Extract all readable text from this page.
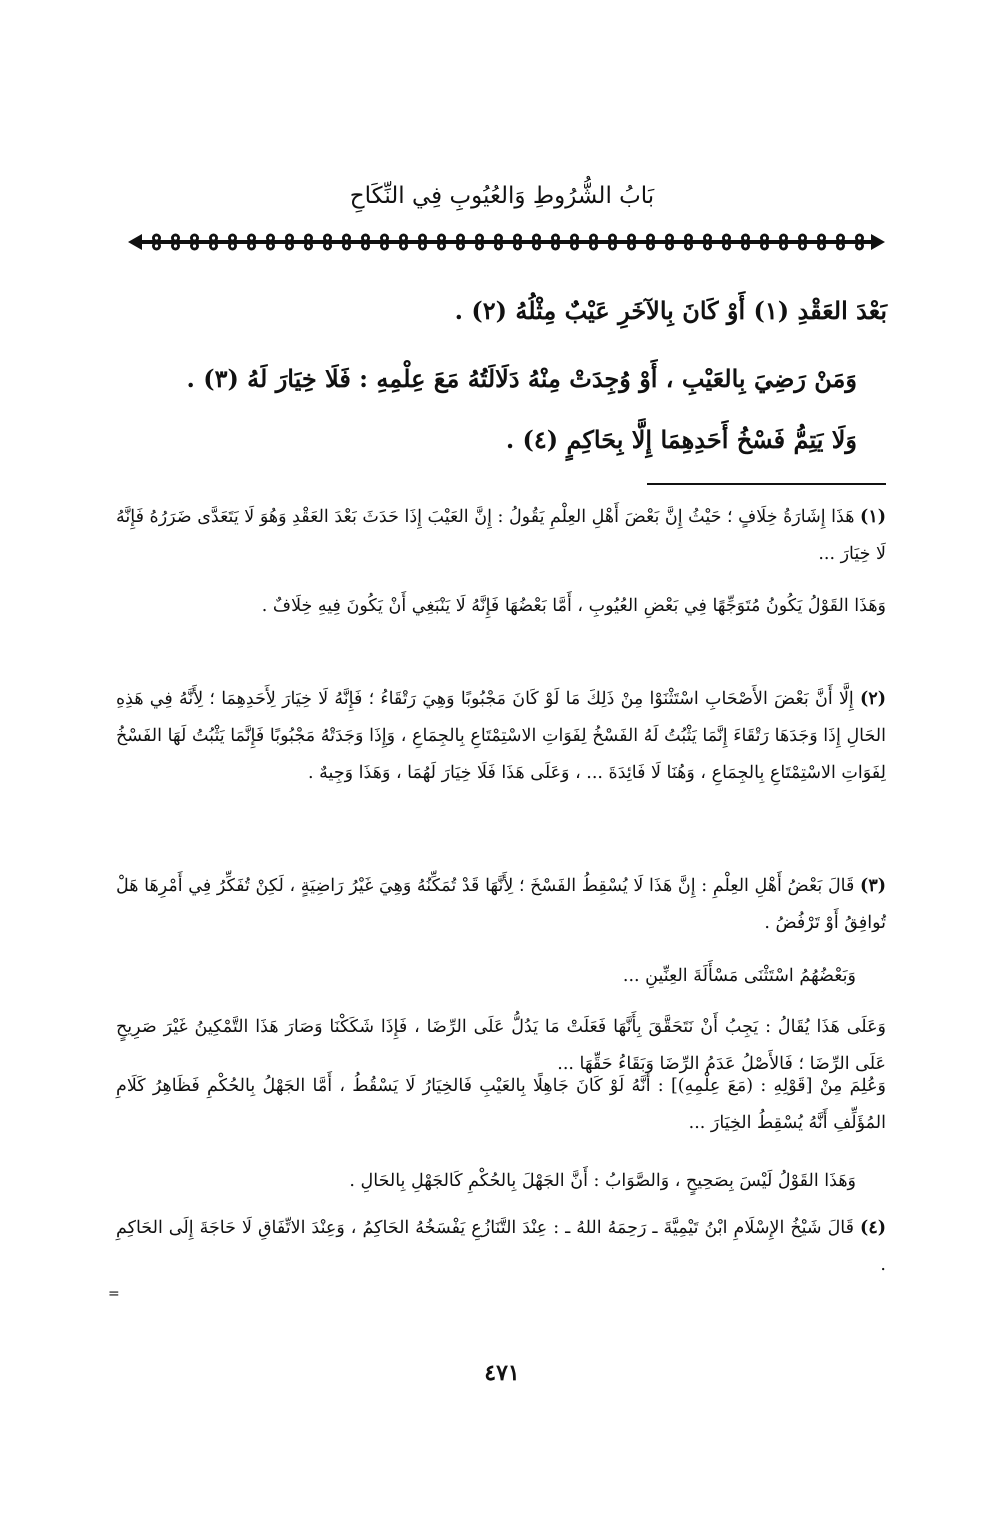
بَابُ الشُّرُوطِ وَالعُيُوبِ فِي النِّكَاحِ
بَعْدَ العَقْدِ (١) أَوْ كَانَ بِالآخَرِ عَيْبٌ مِثْلُهُ (٢) .
وَمَنْ رَضِيَ بِالعَيْبِ ، أَوْ وُجِدَتْ مِنْهُ دَلَالَتُهُ مَعَ عِلْمِهِ : فَلَا خِيَارَ لَهُ (٣) .
وَلَا يَتِمُّ فَسْخُ أَحَدِهِمَا إِلَّا بِحَاكِمٍ (٤) .
(١) هَذَا إِشَارَةُ خِلَافٍ ؛ حَيْثُ إِنَّ بَعْضَ أَهْلِ العِلْمِ يَقُولُ : إِنَّ العَيْبَ إِذَا حَدَثَ بَعْدَ العَقْدِ وَهُوَ لَا يَتَعَدَّى ضَرَرُهُ فَإِنَّهُ لَا خِيَارَ ...
وَهَذَا القَوْلُ يَكُونُ مُتَوَجِّهًا فِي بَعْضِ العُيُوبِ ، أَمَّا بَعْضُهَا فَإِنَّهُ لَا يَنْبَغِي أَنْ يَكُونَ فِيهِ خِلَافٌ .
(٢) إِلَّا أَنَّ بَعْضَ الأَصْحَابِ اسْتَثْنَوْا مِنْ ذَلِكَ مَا لَوْ كَانَ مَجْبُوبًا وَهِيَ رَتْقَاءُ ؛ فَإِنَّهُ لَا خِيَارَ لِأَحَدِهِمَا ؛ لِأَنَّهُ فِي هَذِهِ الحَالِ إِذَا وَجَدَهَا رَتْقَاءَ إِنَّمَا يَثْبُتُ لَهُ الفَسْخُ لِفَوَاتِ الاسْتِمْتَاعِ بِالجِمَاعِ ، وَإِذَا وَجَدَتْهُ مَجْبُوبًا فَإِنَّمَا يَثْبُتُ لَهَا الفَسْخُ لِفَوَاتِ الاسْتِمْتَاعِ بِالجِمَاعِ ، وَهُنَا لَا فَائِدَةَ ... ، وَعَلَى هَذَا فَلَا خِيَارَ لَهُمَا ، وَهَذَا وَجِيهٌ .
(٣) قَالَ بَعْضُ أَهْلِ العِلْمِ : إِنَّ هَذَا لَا يُسْقِطُ الفَسْخَ ؛ لِأَنَّهَا قَدْ تُمَكِّنُهُ وَهِيَ غَيْرُ رَاضِيَةٍ ، لَكِنْ تُفَكِّرُ فِي أَمْرِهَا هَلْ تُوافِقُ أَوْ تَرْفُضُ .
وَبَعْضُهُمُ اسْتَثْنَى مَسْأَلَةَ العِنِّينِ ...
وَعَلَى هَذَا يُقَالُ : يَجِبُ أَنْ نَتَحَقَّقَ بِأَنَّهَا فَعَلَتْ مَا يَدُلُّ عَلَى الرِّضَا ، فَإِذَا شَكَكْنَا وَصَارَ هَذَا التَّمْكِينُ غَيْرَ صَرِيحٍ عَلَى الرِّضَا ؛ فَالأَصْلُ عَدَمُ الرِّضَا وَبَقَاءُ حَقِّهَا ...
وَعُلِمَ مِنْ [قَوْلِهِ : (مَعَ عِلْمِهِ)] : أَنَّهُ لَوْ كَانَ جَاهِلًا بِالعَيْبِ فَالخِيَارُ لَا يَسْقُطُ ، أَمَّا الجَهْلُ بِالحُكْمِ فَظَاهِرُ كَلَامِ المُؤَلِّفِ أَنَّهُ يُسْقِطُ الخِيَارَ ...
وَهَذَا القَوْلُ لَيْسَ بِصَحِيحٍ ، وَالصَّوَابُ : أَنَّ الجَهْلَ بِالحُكْمِ كَالجَهْلِ بِالحَالِ .
(٤) قَالَ شَيْخُ الإِسْلَامِ ابْنُ تَيْمِيَّةَ ـ رَحِمَهُ اللهُ ـ : عِنْدَ التَّنَازُعِ يَفْسَخُهُ الحَاكِمُ ، وَعِنْدَ الاتِّفَاقِ لَا حَاجَةَ إِلَى الحَاكِمِ .
=
٤٧١
